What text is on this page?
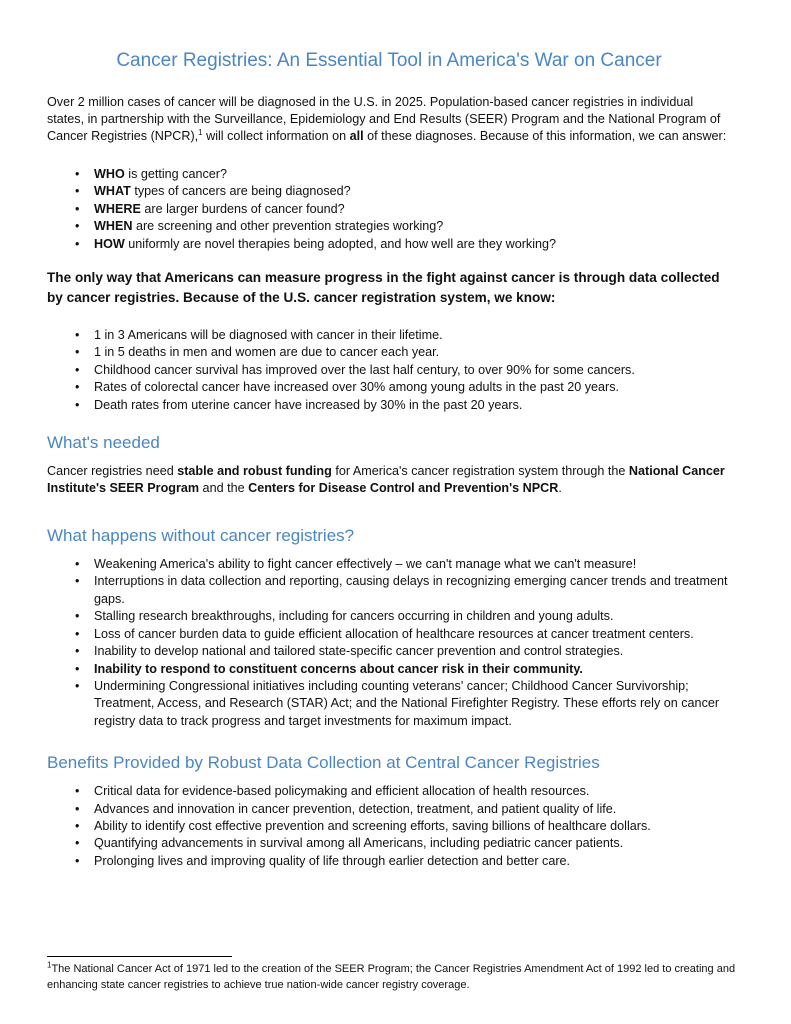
Cancer Registries: An Essential Tool in America's War on Cancer

Over 2 million cases of cancer will be diagnosed in the U.S. in 2025. Population-based cancer registries in individual states, in partnership with the Surveillance, Epidemiology and End Results (SEER) Program and the National Program of Cancer Registries (NPCR),$^1$ will collect information on all of these diagnoses. Because of this information, we can answer:

• WHO is getting cancer?
• WHAT types of cancers are being diagnosed?
• WHERE are larger burdens of cancer found?
• WHEN are screening and other prevention strategies working?
• HOW uniformly are novel therapies being adopted, and how well are they working?

The only way that Americans can measure progress in the fight against cancer is through data collected by cancer registries. Because of the U.S. cancer registration system, we know:

• 1 in 3 Americans will be diagnosed with cancer in their lifetime.
• 1 in 5 deaths in men and women are due to cancer each year.
• Childhood cancer survival has improved over the last half century, to over 90% for some cancers.
• Rates of colorectal cancer have increased over 30% among young adults in the past 20 years.
• Death rates from uterine cancer have increased by 30% in the past 20 years.
What's needed

Cancer registries need stable and robust funding for America's cancer registration system through the National Cancer Institute's SEER Program and the Centers for Disease Control and Prevention's NPCR.

What happens without cancer registries?
• Weakening America's ability to fight cancer effectively – we can't manage what we can't measure!
• Interruptions in data collection and reporting, causing delays in recognizing emerging cancer trends and treatment gaps.
• Stalling research breakthroughs, including for cancers occurring in children and young adults.
• Loss of cancer burden data to guide efficient allocation of healthcare resources at cancer treatment centers.
• Inability to develop national and tailored state-specific cancer prevention and control strategies.
• Inability to respond to constituent concerns about cancer risk in their community.
• Undermining Congressional initiatives including counting veterans' cancer; Childhood Cancer Survivorship; Treatment, Access, and Research (STAR) Act; and the National Firefighter Registry. These efforts rely on cancer registry data to track progress and target investments for maximum impact.
Benefits Provided by Robust Data Collection at Central Cancer Registries
• Critical data for evidence-based policymaking and efficient allocation of health resources.
• Advances and innovation in cancer prevention, detection, treatment, and patient quality of life.
• Ability to identify cost effective prevention and screening efforts, saving billions of healthcare dollars.
• Quantifying advancements in survival among all Americans, including pediatric cancer patients.
• Prolonging lives and improving quality of life through earlier detection and better care.
$^1$The National Cancer Act of 1971 led to the creation of the SEER Program; the Cancer Registries Amendment Act of 1992 led to creating and enhancing state cancer registries to achieve true nation-wide cancer registry coverage.
